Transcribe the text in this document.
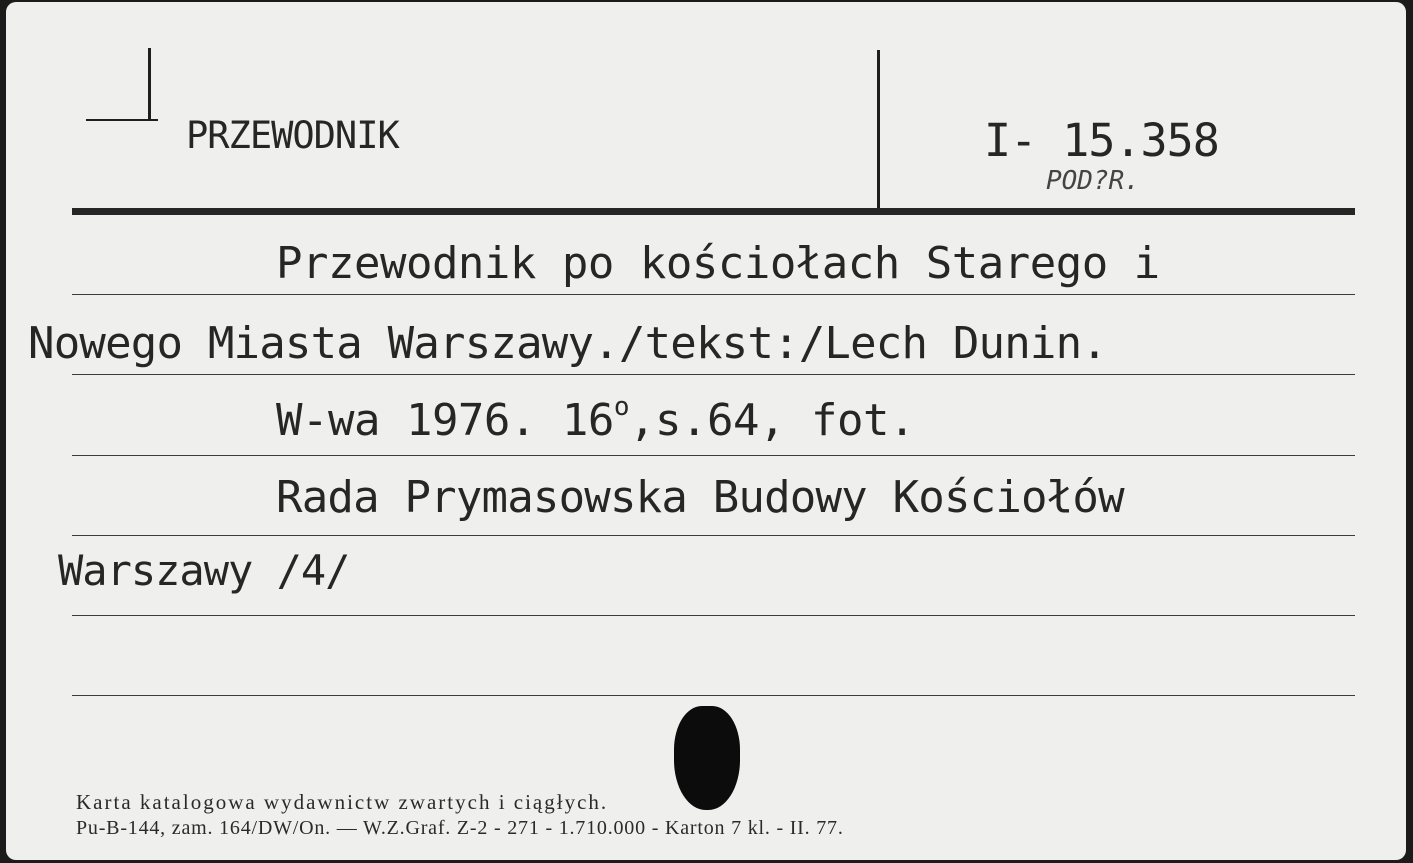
PRZEWODNIK	I- 15.358
POD?R.
Przewodnik po kościołach Starego i
Nowego Miasta Warszawy./tekst:/Lech Dunin.
W-wa 1976. 16$^o$,s.64, fot.
Rada Prymasowska Budowy Kościołów
Warszawy /4/
Karta katalogowa wydawnictw zwartych i ciągłych.
Pu-B-144, zam. 164/DW/On. — W.Z.Graf. Z-2 - 271 - 1.710.000 - Karton 7 kl. - II. 77.
